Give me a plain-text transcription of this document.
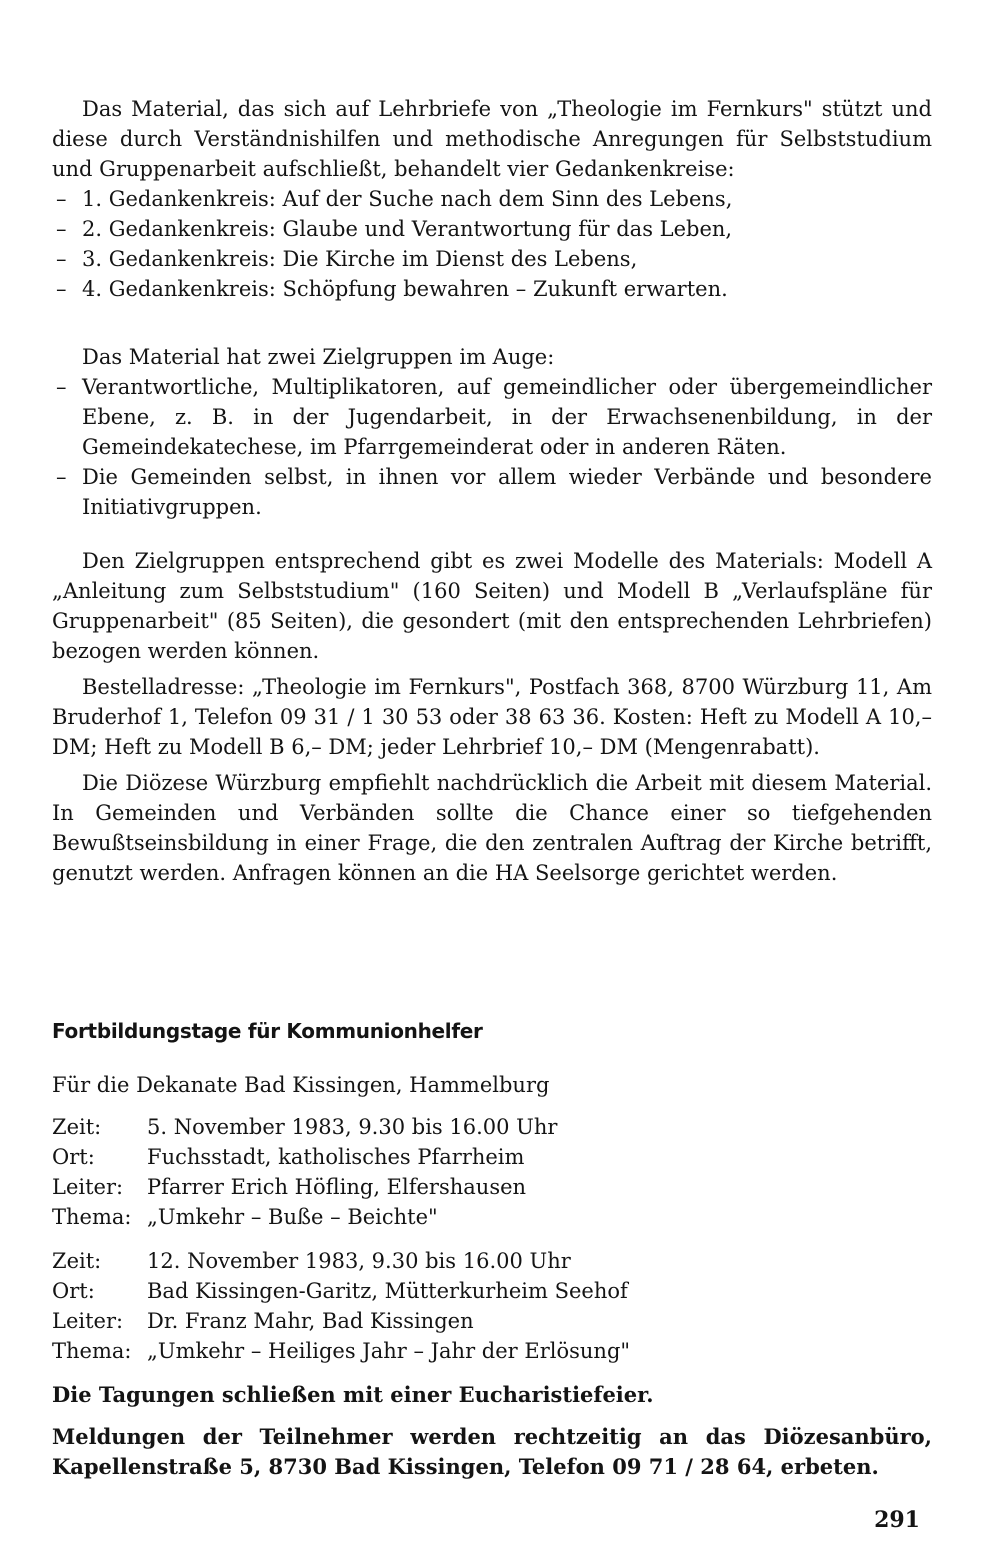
Das Material, das sich auf Lehrbriefe von „Theologie im Fernkurs" stützt und diese durch Verständnishilfen und methodische Anregungen für Selbststudium und Gruppenarbeit aufschließt, behandelt vier Gedankenkreise:

– 1. Gedankenkreis: Auf der Suche nach dem Sinn des Lebens,
– 2. Gedankenkreis: Glaube und Verantwortung für das Leben,
– 3. Gedankenkreis: Die Kirche im Dienst des Lebens,
– 4. Gedankenkreis: Schöpfung bewahren – Zukunft erwarten.

Das Material hat zwei Zielgruppen im Auge:

– Verantwortliche, Multiplikatoren, auf gemeindlicher oder übergemeindlicher Ebene, z. B. in der Jugendarbeit, in der Erwachsenenbildung, in der Gemeindekatechese, im Pfarrgemeinderat oder in anderen Räten.
– Die Gemeinden selbst, in ihnen vor allem wieder Verbände und besondere Initiativgruppen.

Den Zielgruppen entsprechend gibt es zwei Modelle des Materials: Modell A „Anleitung zum Selbststudium" (160 Seiten) und Modell B „Verlaufspläne für Gruppenarbeit" (85 Seiten), die gesondert (mit den entsprechenden Lehrbriefen) bezogen werden können.

Bestelladresse: „Theologie im Fernkurs", Postfach 368, 8700 Würzburg 11, Am Bruderhof 1, Telefon 09 31 / 1 30 53 oder 38 63 36. Kosten: Heft zu Modell A 10,– DM; Heft zu Modell B 6,– DM; jeder Lehrbrief 10,– DM (Mengenrabatt).

Die Diözese Würzburg empfiehlt nachdrücklich die Arbeit mit diesem Material. In Gemeinden und Verbänden sollte die Chance einer so tiefgehenden Bewußtseinsbildung in einer Frage, die den zentralen Auftrag der Kirche betrifft, genutzt werden. Anfragen können an die HA Seelsorge gerichtet werden.

Fortbildungstage für Kommunionhelfer

Für die Dekanate Bad Kissingen, Hammelburg

Zeit:	5. November 1983, 9.30 bis 16.00 Uhr
Ort:	Fuchsstadt, katholisches Pfarrheim
Leiter:	Pfarrer Erich Höfling, Elfershausen
Thema: „Umkehr – Buße – Beichte"
Zeit:	12. November 1983, 9.30 bis 16.00 Uhr
Ort:	Bad Kissingen-Garitz, Mütterkurheim Seehof
Leiter:	Dr. Franz Mahr, Bad Kissingen
Thema: „Umkehr – Heiliges Jahr – Jahr der Erlösung"

Die Tagungen schließen mit einer Eucharistiefeier.

Meldungen der Teilnehmer werden rechtzeitig an das Diözesanbüro, Kapellenstraße 5, 8730 Bad Kissingen, Telefon 09 71 / 28 64, erbeten.

291
